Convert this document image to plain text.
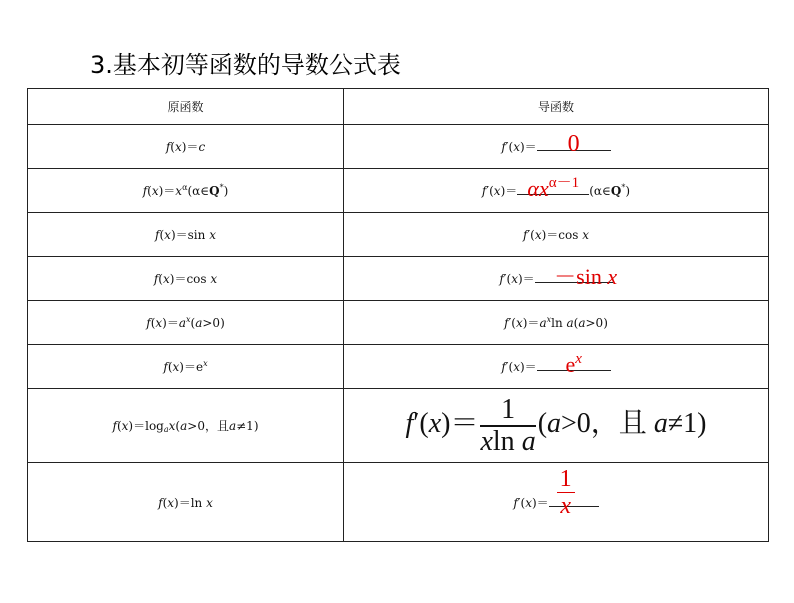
3.基本初等函数的导数公式表
原函数	导函数
f(x)＝c	f′(x)＝ 0

$f(x)=x^\alpha(\alpha\in Q^*)$	$f'(x)= \alpha x^{\alpha-1}$ (α∈Q*)
f(x)＝sin x	f′(x)＝cos x
f(x)＝cos x	f′(x)＝ －sin x

$f(x)=a^x(a>0)$	$f'(x)=a^x\ln$ a(a>0)
$f(x)=e^x$	$f'(x)= e^x$

$f(x)=\log_ax(a>0$，且a≠1)	$f'(x)= \frac{1}{\text{xln a}} (a>0$，且 a≠1)
f(x)＝ln x	$f'(x)= \frac{1}{x}$
